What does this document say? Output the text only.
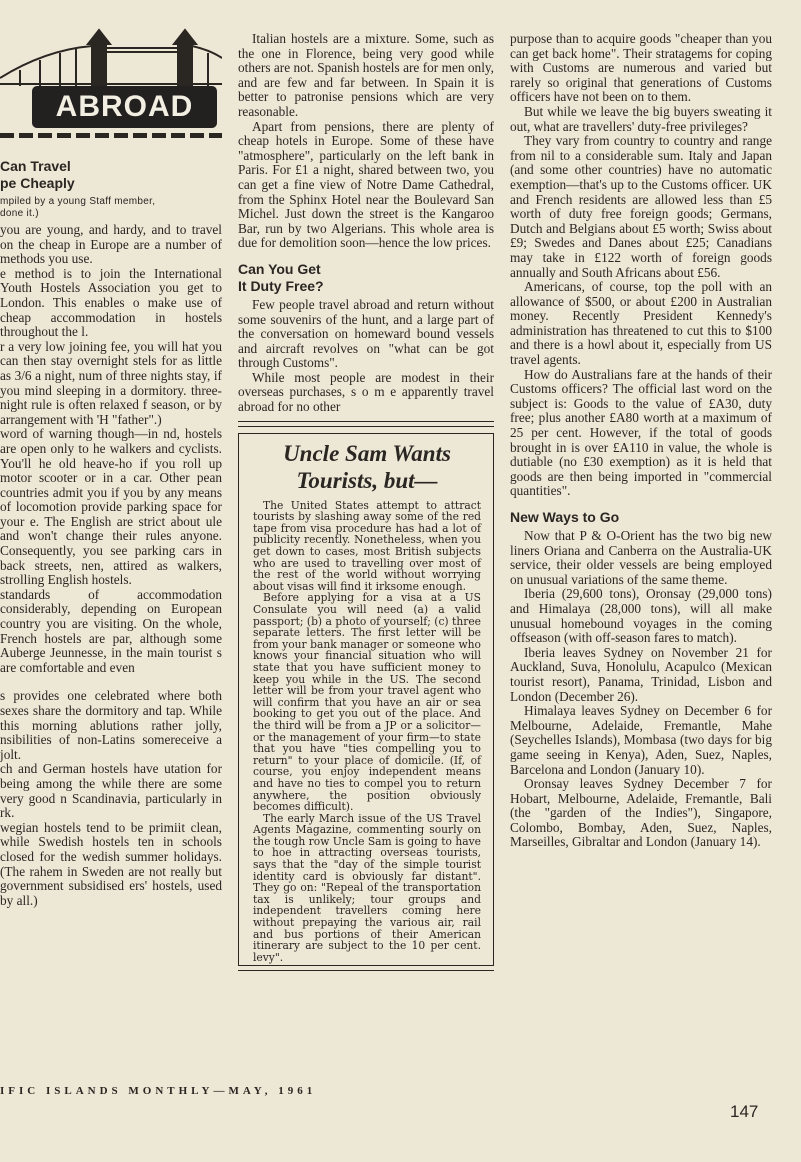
ABROAD
Can Travel
pe Cheaply
mpiled by a young Staff member,
done it.)

you are young, and hardy, and to travel on the cheap in Europe are a number of methods you use.

e method is to join the International Youth Hostels Association you get to London. This enables o make use of cheap accommodation in hostels throughout the l.

r a very low joining fee, you will hat you can then stay overnight stels for as little as 3/6 a night, num of three nights stay, if you mind sleeping in a dormitory. three-night rule is often relaxed f season, or by arrangement with 'H "father".)

word of warning though—in nd, hostels are open only to he walkers and cyclists. You'll he old heave-ho if you roll up motor scooter or in a car. Other pean countries admit you if you by any means of locomotion provide parking space for your e. The English are strict about ule and won't change their rules anyone. Consequently, you see parking cars in back streets, nen, attired as walkers, strolling English hostels.

standards of accommodation considerably, depending on European country you are visiting. On the whole, French hostels are par, although some Auberge Jeunnesse, in the main tourist s are comfortable and even

s provides one celebrated where both sexes share the dormitory and tap. While this morning ablutions rather jolly, nsibilities of non-Latins somereceive a jolt.

ch and German hostels have utation for being among the while there are some very good n Scandinavia, particularly in rk.

wegian hostels tend to be primiit clean, while Swedish hostels ten in schools closed for the wedish summer holidays. (The rahem in Sweden are not really but government subsidised ers' hostels, used by all.)

Italian hostels are a mixture. Some, such as the one in Florence, being very good while others are not. Spanish hostels are for men only, and are few and far between. In Spain it is better to patronise pensions which are very reasonable.

Apart from pensions, there are plenty of cheap hotels in Europe. Some of these have "atmosphere", particularly on the left bank in Paris. For £1 a night, shared between two, you can get a fine view of Notre Dame Cathedral, from the Sphinx Hotel near the Boulevard San Michel. Just down the street is the Kangaroo Bar, run by two Algerians. This whole area is due for demolition soon—hence the low prices.

Can You Get
It Duty Free?

Few people travel abroad and return without some souvenirs of the hunt, and a large part of the conversation on homeward bound vessels and aircraft revolves on "what can be got through Customs".

While most people are modest in their overseas purchases, s o m e apparently travel abroad for no other

Uncle Sam Wants
Tourists, but—

The United States attempt to attract tourists by slashing away some of the red tape from visa procedure has had a lot of publicity recently. Nonetheless, when you get down to cases, most British subjects who are used to travelling over most of the rest of the world without worrying about visas will find it irksome enough.

Before applying for a visa at a US Consulate you will need (a) a valid passport; (b) a photo of yourself; (c) three separate letters. The first letter will be from your bank manager or someone who knows your financial situation who will state that you have sufficient money to keep you while in the US. The second letter will be from your travel agent who will confirm that you have an air or sea booking to get you out of the place. And the third will be from a JP or a solicitor—or the management of your firm—to state that you have "ties compelling you to return" to your place of domicile. (If, of course, you enjoy independent means and have no ties to compel you to return anywhere, the position obviously becomes difficult).

The early March issue of the US Travel Agents Magazine, commenting sourly on the tough row Uncle Sam is going to have to hoe in attracting overseas tourists, says that the "day of the simple tourist identity card is obviously far distant". They go on: "Repeal of the transportation tax is unlikely; tour groups and independent travellers coming here without prepaying the various air, rail and bus portions of their American itinerary are subject to the 10 per cent. levy".

purpose than to acquire goods "cheaper than you can get back home". Their stratagems for coping with Customs are numerous and varied but rarely so original that generations of Customs officers have not been on to them.

But while we leave the big buyers sweating it out, what are travellers' duty-free privileges?

They vary from country to country and range from nil to a considerable sum. Italy and Japan (and some other countries) have no automatic exemption—that's up to the Customs officer. UK and French residents are allowed less than £5 worth of duty free foreign goods; Germans, Dutch and Belgians about £5 worth; Swiss about £9; Swedes and Danes about £25; Canadians may take in £122 worth of foreign goods annually and South Africans about £56.

Americans, of course, top the poll with an allowance of $500, or about £200 in Australian money. Recently President Kennedy's administration has threatened to cut this to $100 and there is a howl about it, especially from US travel agents.

How do Australians fare at the hands of their Customs officers? The official last word on the subject is: Goods to the value of £A30, duty free; plus another £A80 worth at a maximum of 25 per cent. However, if the total of goods brought in is over £A110 in value, the whole is dutiable (no £30 exemption) as it is held that goods are then being imported in "commercial quantities".

New Ways to Go

Now that P & O-Orient has the two big new liners Oriana and Canberra on the Australia-UK service, their older vessels are being employed on unusual variations of the same theme.

Iberia (29,600 tons), Oronsay (29,000 tons) and Himalaya (28,000 tons), will all make unusual homebound voyages in the coming offseason (with off-season fares to match).

Iberia leaves Sydney on November 21 for Auckland, Suva, Honolulu, Acapulco (Mexican tourist resort), Panama, Trinidad, Lisbon and London (December 26).

Himalaya leaves Sydney on December 6 for Melbourne, Adelaide, Fremantle, Mahe (Seychelles Islands), Mombasa (two days for big game seeing in Kenya), Aden, Suez, Naples, Barcelona and London (January 10).

Oronsay leaves Sydney December 7 for Hobart, Melbourne, Adelaide, Fremantle, Bali (the "garden of the Indies"), Singapore, Colombo, Bombay, Aden, Suez, Naples, Marseilles, Gibraltar and London (January 14).

IFIC ISLANDS MONTHLY—MAY, 1961
147
